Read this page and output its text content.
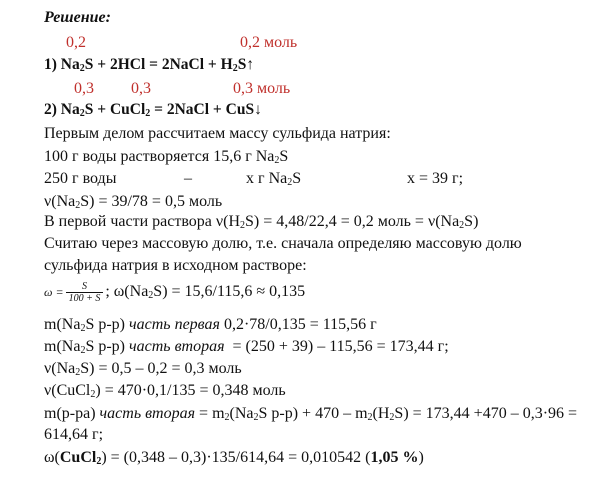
Решение:
0,2	0,2 моль
1) $Na_2S + 2HCl$ = 2NaCl + $H_2S↑$
0,3 0,3	0,3 моль
2) $Na_2S$ + CuCl$_2$ = 2NaCl + CuS↓
Первым делом рассчитаем массу сульфида натрия:
100 г воды растворяется 15,6 г $Na_2S$
250 г воды	–	х г $Na_2S$	х = 39 г;
$\nu(Na_2S) = 39/78 = 0,5$ моль
В первой части раствора $\nu(H_2S) = 4,48/22,4 = 0,2$ моль = $\nu(Na_2S)$
Считаю через массовую долю, т.е. сначала определяю массовую долю
сульфида натрия в исходном растворе:
$\omega = \frac{S}{100 + S}$ ; $\omega(Na_2S) = 15,6/115,6 \approx 0,135$
$m(Na_2S$ р-р) часть первая 0,2·78/0,135 = 115,56 г
$m(Na_2S$ р-р) часть вторая  = (250 + 39) – 115,56 = 173,44 г;
$\nu(Na_2S) = 0,5 - 0,2 = 0,3$ моль
ν(CuCl$_2$) = 470·0,1/135 = 0,348 моль
m(р-ра) часть вторая = $m_2(Na_2S$ $р-р) + 470 - m_2(H_2S) = 173,44 +470 - 0,3\cdot 96$ =
614,64 г;
ω(CuCl$_2$) = (0,348 – 0,3)·135/614,64 = 0,010542 (1,05 %)
